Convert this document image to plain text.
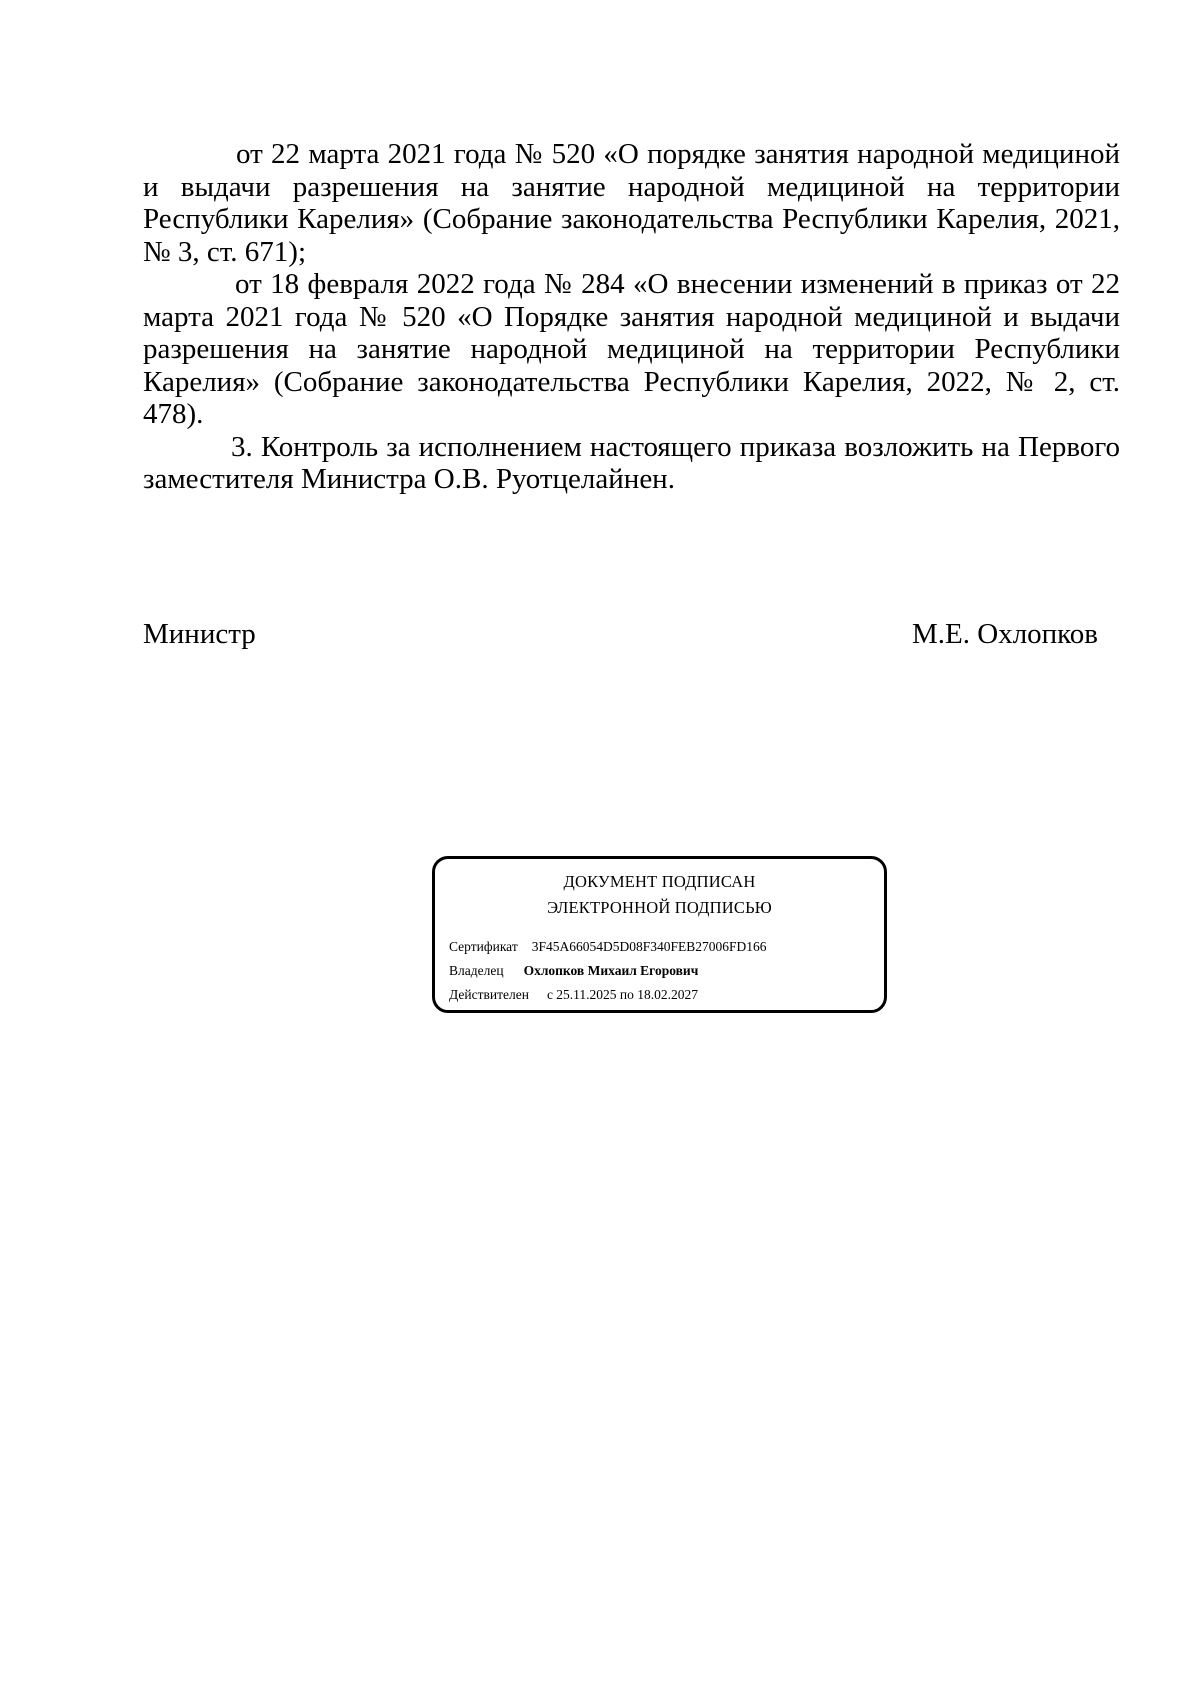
от 22 марта 2021 года № 520 «О порядке занятия народной медициной и выдачи разрешения на занятие народной медициной на территории Республики Карелия» (Собрание законодательства Республики Карелия, 2021, № 3, ст. 671);

от 18 февраля 2022 года № 284 «О внесении изменений в приказ от 22 марта 2021 года № 520 «О Порядке занятия народной медициной и выдачи разрешения на занятие народной медициной на территории Республики Карелия» (Собрание законодательства Республики Карелия, 2022, № 2, ст. 478).

3. Контроль за исполнением настоящего приказа возложить на Первого заместителя Министра О.В. Руотцелайнен.

Министр	М.Е. Охлопков
ДОКУМЕНТ ПОДПИСАН
ЭЛЕКТРОННОЙ ПОДПИСЬЮ
Сертификат 3F45A66054D5D08F340FEB27006FD166
Владелец Охлопков Михаил Егорович
Действителен с 25.11.2025 по 18.02.2027
